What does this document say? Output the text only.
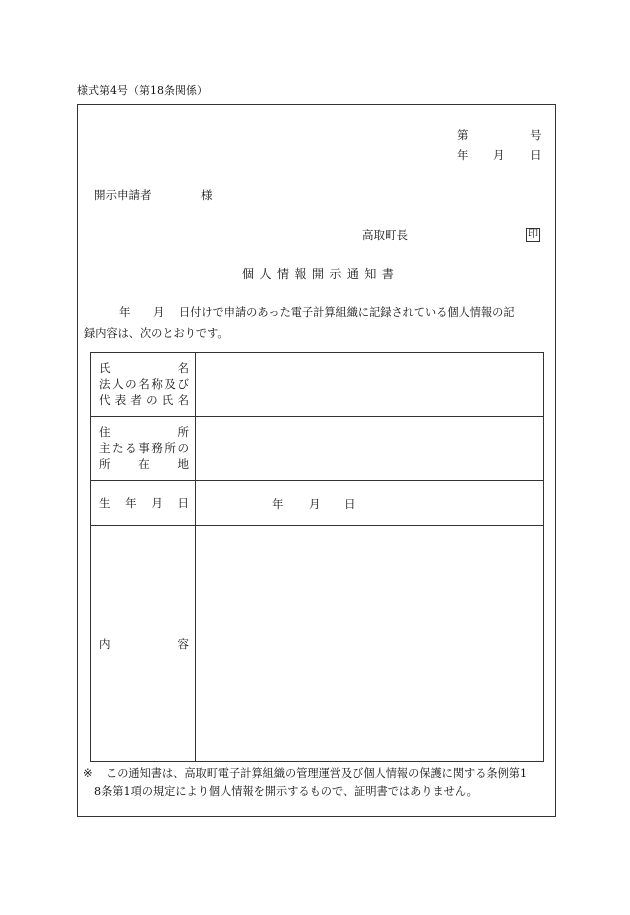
様式第4号（第18条関係）
第	号
年 月 日
開示申請者	様
高取町長	印
個 人 情 報 開 示 通 知 書
年 月 日付けで申請のあった電子計算組織に記録されている個人情報の記
録内容は、次のとおりです。
氏	名
法 人 の 名 称 及 び
代 表 者 の 氏 名
住	所
主 た る 事 務 所 の
所 在 地
生 年 月 日	年 月 日
内	容
※ この通知書は、高取町電子計算組織の管理運営及び個人情報の保護に関する条例第1
8条第1項の規定により個人情報を開示するもので、証明書ではありません。
